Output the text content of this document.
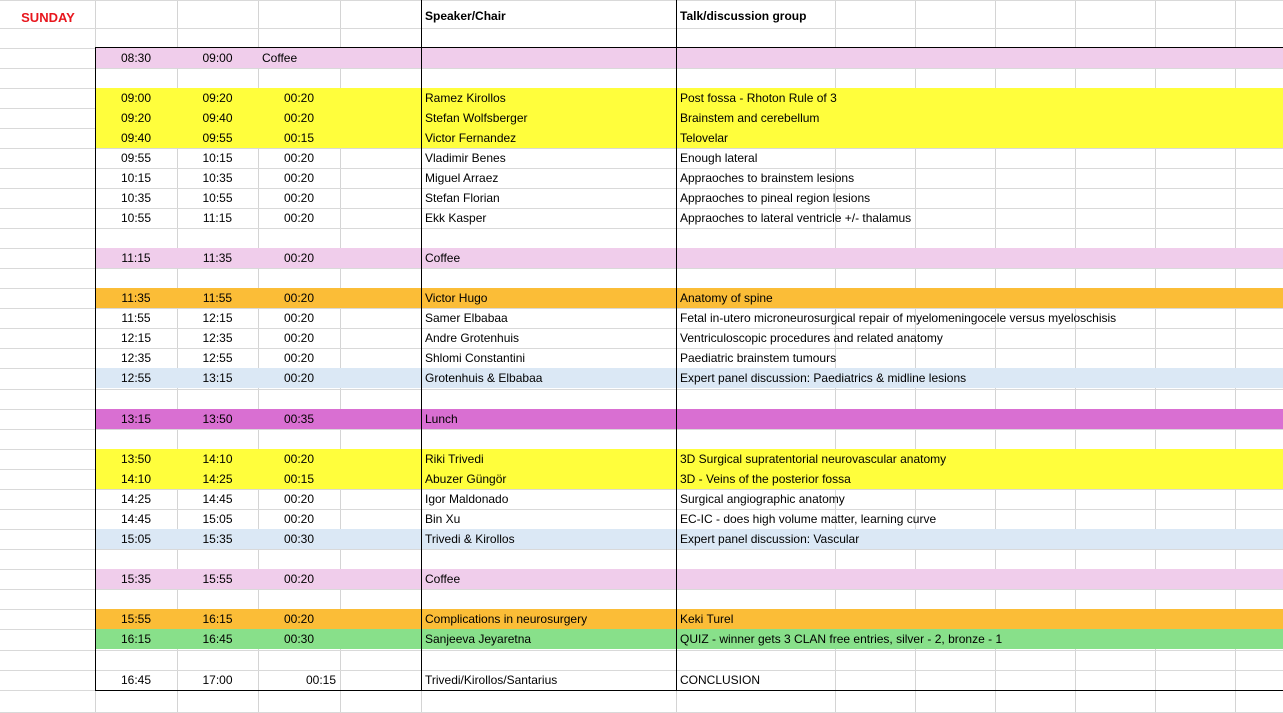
SUNDAY	Speaker/Chair	Talk/discussion group
08:30	09:00	Coffee
09:00	09:20	00:20	Ramez Kirollos	Post fossa - Rhoton Rule of 3
09:20	09:40	00:20	Stefan Wolfsberger	Brainstem and cerebellum
09:40	09:55	00:15	Victor Fernandez	Telovelar
09:55	10:15	00:20	Vladimir Benes	Enough lateral
10:15	10:35	00:20	Miguel Arraez	Appraoches to brainstem lesions
10:35	10:55	00:20	Stefan Florian	Appraoches to pineal region lesions
10:55	11:15	00:20	Ekk Kasper	Appraoches to lateral ventricle +/- thalamus
11:15	11:35	00:20	Coffee
11:35	11:55	00:20	Victor Hugo	Anatomy of spine
11:55	12:15	00:20	Samer Elbabaa	Fetal in-utero microneurosurgical repair of myelomeningocele versus myeloschisis
12:15	12:35	00:20	Andre Grotenhuis	Ventriculoscopic procedures and related anatomy
12:35	12:55	00:20	Shlomi Constantini	Paediatric brainstem tumours
12:55	13:15	00:20	Grotenhuis & Elbabaa	Expert panel discussion: Paediatrics & midline lesions
13:15	13:50	00:35	Lunch
13:50	14:10	00:20	Riki Trivedi	3D Surgical supratentorial neurovascular anatomy
14:10	14:25	00:15	Abuzer Güngör	3D - Veins of the posterior fossa
14:25	14:45	00:20	Igor Maldonado	Surgical angiographic anatomy
14:45	15:05	00:20	Bin Xu	EC-IC - does high volume matter, learning curve
15:05	15:35	00:30	Trivedi & Kirollos	Expert panel discussion: Vascular
15:35	15:55	00:20	Coffee
15:55	16:15	00:20	Complications in neurosurgery	Keki Turel
16:15	16:45	00:30	Sanjeeva Jeyaretna	QUIZ - winner gets 3 CLAN free entries, silver - 2, bronze - 1
16:45	17:00	00:15	Trivedi/Kirollos/Santarius	CONCLUSION
